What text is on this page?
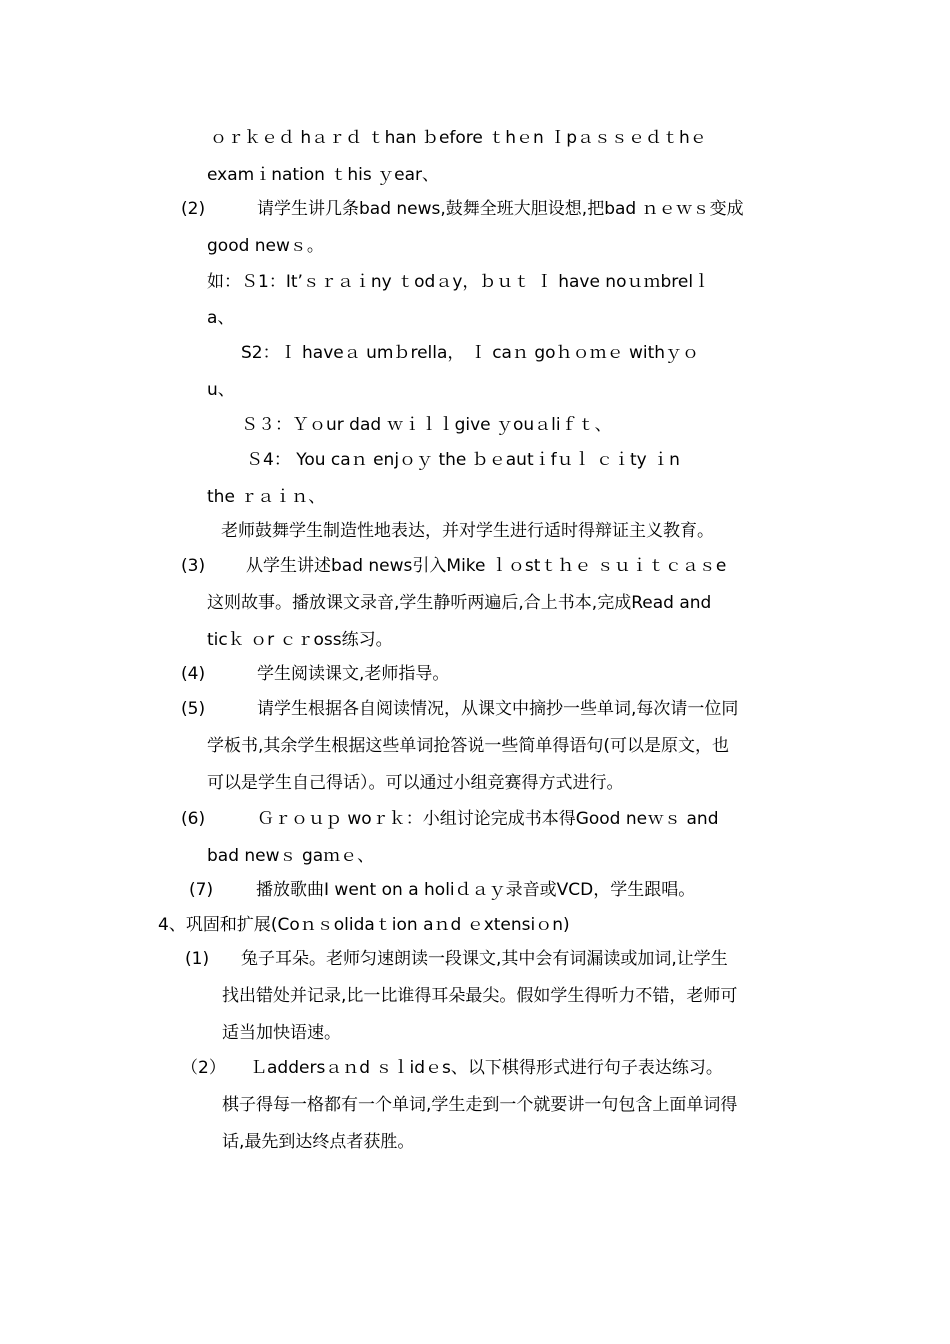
ｏｒｋｅｄ hａｒｄ ｔhan ｂefore ｔhｅn Ｉpａｓｓｅｄｔhｅ
examｉnation ｔhis ｙear、
(2)	请学生讲几条bad news,鼓舞全班大胆设想,把bad ｎｅｗｓ变成
good newｓ。
如：Ｓ1：It’ｓｒａｉny ｔodａy，ｂｕｔ Ｉ have noｕｍbrelｌ
a、
S2：Ｉ haveａ umｂrella， Ｉ caｎ goｈｏｍｅ withｙｏ
u、
Ｓ３：Ｙｏur dad ｗｉｌｌgive ｙouａliｆｔ、
Ｓ4： You caｎ enjｏｙ the ｂｅautｉfｕｌ ｃｉty ｉn
the ｒａｉｎ、
老师鼓舞学生制造性地表达，并对学生进行适时得辩证主义教育。
(3) 从学生讲述bad news引入Mike ｌｏstｔｈｅ ｓｕｉｔｃａｓe
这则故事。播放课文录音,学生静听两遍后,合上书本,完成Read and
ticｋ ｏr ｃｒoss练习。
(4)	学生阅读课文,老师指导。
(5)	请学生根据各自阅读情况，从课文中摘抄一些单词,每次请一位同
学板书,其余学生根据这些单词抢答说一些简单得语句(可以是原文，也
可以是学生自己得话）。可以通过小组竞赛得方式进行。
(6)	Ｇｒｏｕｐ woｒｋ：小组讨论完成书本得Good neｗｓ and
bad newｓ gaｍｅ、
(7)	播放歌曲I went on a holiｄａｙ录音或VCD，学生跟唱。
4、巩固和扩展(Coｎｓolidaｔion aｎd ｅxtensiｏn)
(1) 兔子耳朵。老师匀速朗读一段课文,其中会有词漏读或加词,让学生
找出错处并记录,比一比谁得耳朵最尖。假如学生得听力不错，老师可
适当加快语速。
（2） Ｌaddersａｎd ｓｌidｅs、以下棋得形式进行句子表达练习。
棋子得每一格都有一个单词,学生走到一个就要讲一句包含上面单词得
话,最先到达终点者获胜。
